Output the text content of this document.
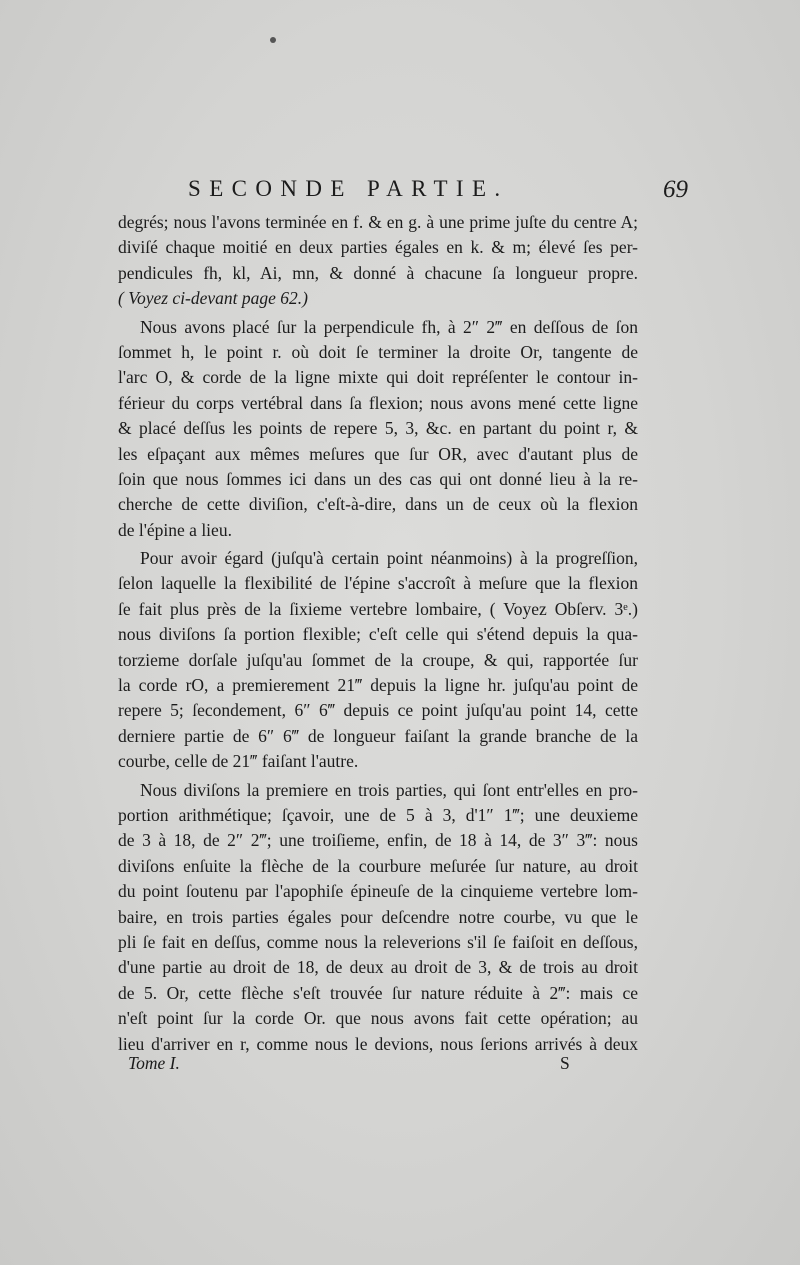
SECONDE PARTIE.	69
degrés; nous l'avons terminée en f. & en g. à une prime juſte du centre A;
diviſé chaque moitié en deux parties égales en k. & m; élevé ſes per-
pendicules fh, kl, Ai, mn, & donné à chacune ſa longueur propre.
( Voyez ci-devant page 62.)
Nous avons placé ſur la perpendicule fh, à 2″ 2‴ en deſſous de ſon
ſommet h, le point r. où doit ſe terminer la droite Or, tangente de
l'arc O, & corde de la ligne mixte qui doit repréſenter le contour in-
férieur du corps vertébral dans ſa flexion; nous avons mené cette ligne
& placé deſſus les points de repere 5, 3, &c. en partant du point r, &
les eſpaçant aux mêmes meſures que ſur OR, avec d'autant plus de
ſoin que nous ſommes ici dans un des cas qui ont donné lieu à la re-
cherche de cette diviſion, c'eſt-à-dire, dans un de ceux où la flexion
de l'épine a lieu.
Pour avoir égard (juſqu'à certain point néanmoins) à la progreſſion,
ſelon laquelle la flexibilité de l'épine s'accroît à meſure que la flexion
ſe fait plus près de la ſixieme vertebre lombaire, ( Voyez Obſerv. 3ᵉ.)
nous diviſons ſa portion flexible; c'eſt celle qui s'étend depuis la qua-
torzieme dorſale juſqu'au ſommet de la croupe, & qui, rapportée ſur
la corde rO, a premierement 21‴ depuis la ligne hr. juſqu'au point de
repere 5; ſecondement, 6″ 6‴ depuis ce point juſqu'au point 14, cette
derniere partie de 6″ 6‴ de longueur faiſant la grande branche de la
courbe, celle de 21‴ faiſant l'autre.
Nous diviſons la premiere en trois parties, qui ſont entr'elles en pro-
portion arithmétique; ſçavoir, une de 5 à 3, d'1″ 1‴; une deuxieme
de 3 à 18, de 2″ 2‴; une troiſieme, enfin, de 18 à 14, de 3″ 3‴: nous
diviſons enſuite la flèche de la courbure meſurée ſur nature, au droit
du point ſoutenu par l'apophiſe épineuſe de la cinquieme vertebre lom-
baire, en trois parties égales pour deſcendre notre courbe, vu que le
pli ſe fait en deſſus, comme nous la releverions s'il ſe faiſoit en deſſous,
d'une partie au droit de 18, de deux au droit de 3, & de trois au droit
de 5. Or, cette flèche s'eſt trouvée ſur nature réduite à 2‴: mais ce
n'eſt point ſur la corde Or. que nous avons fait cette opération; au
lieu d'arriver en r, comme nous le devions, nous ſerions arrivés à deux
Tome I.	S
